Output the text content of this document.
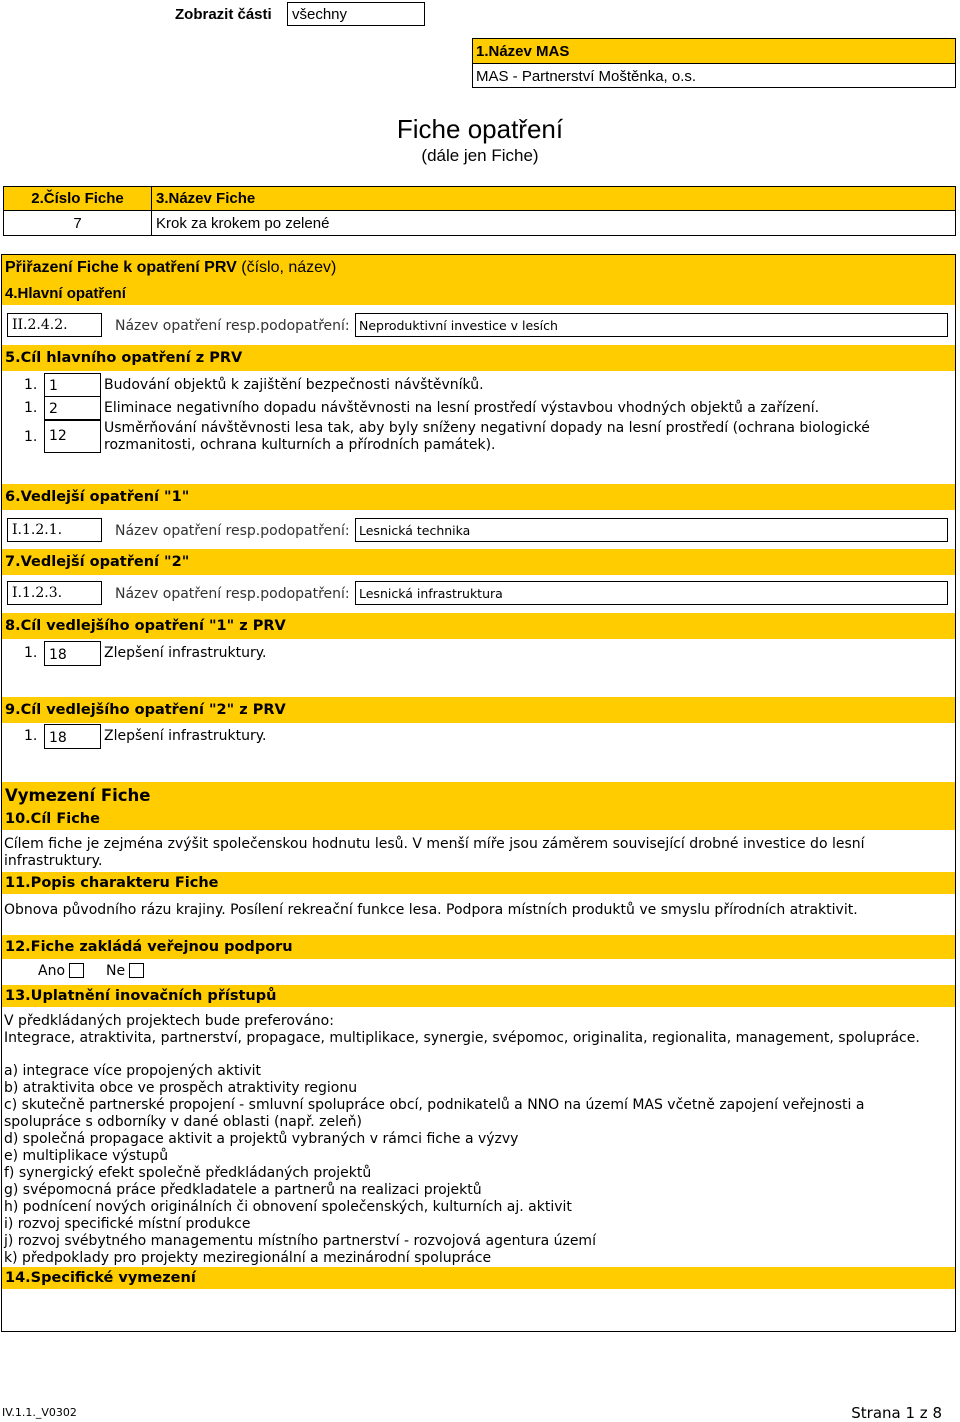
Zobrazit části	všechny
1.Název MAS
MAS - Partnerství Moštěnka, o.s.
Fiche opatření
(dále jen Fiche)
2.Číslo Fiche	3.Název Fiche
7	Krok za krokem po zelené
Přiřazení Fiche k opatření PRV
(číslo, název)
4.Hlavní opatření
II.2.4.2.	Název opatření resp.podopatření: Neproduktivní investice v lesích
5.Cíl hlavního opatření z PRV
1. 1	Budování objektů k zajištění bezpečnosti návštěvníků.
1. 2	Eliminace negativního dopadu návštěvnosti na lesní prostředí výstavbou vhodných objektů a zařízení.
1. 12	Usměrňování návštěvnosti lesa tak, aby byly sníženy negativní dopady na lesní prostředí (ochrana biologické rozmanitosti, ochrana kulturních a přírodních památek).
6.Vedlejší opatření "1"
I.1.2.1.	Název opatření resp.podopatření: Lesnická technika
7.Vedlejší opatření "2"
I.1.2.3.	Název opatření resp.podopatření: Lesnická infrastruktura
8.Cíl vedlejšího opatření "1" z PRV
1. 18	Zlepšení infrastruktury.
9.Cíl vedlejšího opatření "2" z PRV
1. 18	Zlepšení infrastruktury.
Vymezení Fiche
10.Cíl Fiche
Cílem fiche je zejména zvýšit společenskou hodnutu lesů. V menší míře jsou záměrem související drobné investice do lesní infrastruktury.
11.Popis charakteru Fiche
Obnova původního rázu krajiny. Posílení rekreační funkce lesa. Podpora místních produktů ve smyslu přírodních atraktivit.
12.Fiche zakládá veřejnou podporu
Ano	Ne
13.Uplatnění inovačních přístupů
V předkládaných projektech bude preferováno:
Integrace, atraktivita, partnerství, propagace, multiplikace, synergie, svépomoc, originalita, regionalita, management, spolupráce.
a) integrace více propojených aktivit
b) atraktivita obce ve prospěch atraktivity regionu
c) skutečně partnerské propojení - smluvní spolupráce obcí, podnikatelů a NNO na území MAS včetně zapojení veřejnosti a spolupráce s odborníky v dané oblasti (např. zeleň)
d) společná propagace aktivit a projektů vybraných v rámci fiche a výzvy
e) multiplikace výstupů
f) synergický efekt společně předkládaných projektů
g) svépomocná práce předkladatele a partnerů na realizaci projektů
h) podnícení nových originálních či obnovení společenských, kulturních aj. aktivit
i) rozvoj specifické místní produkce
j) rozvoj svébytného managementu místního partnerství - rozvojová agentura území
k) předpoklady pro projekty meziregionální a mezinárodní spolupráce
14.Specifické vymezení
IV.1.1._V0302	Strana 1 z 8
